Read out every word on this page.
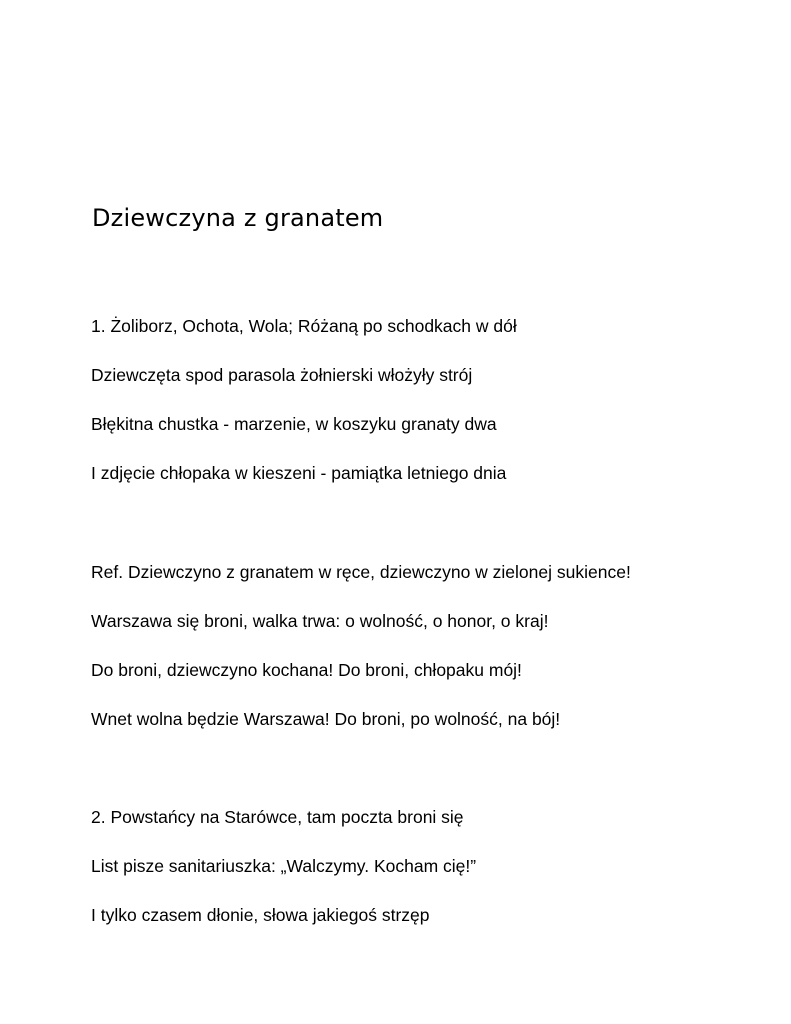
Dziewczyna z granatem
1. Żoliborz, Ochota, Wola; Różaną po schodkach w dół
Dziewczęta spod parasola żołnierski włożyły strój
Błękitna chustka - marzenie, w koszyku granaty dwa
I zdjęcie chłopaka w kieszeni - pamiątka letniego dnia
Ref. Dziewczyno z granatem w ręce, dziewczyno w zielonej sukience!
Warszawa się broni, walka trwa: o wolność, o honor, o kraj!
Do broni, dziewczyno kochana! Do broni, chłopaku mój!
Wnet wolna będzie Warszawa! Do broni, po wolność, na bój!
2. Powstańcy na Starówce, tam poczta broni się
List pisze sanitariuszka: „Walczymy. Kocham cię!”
I tylko czasem dłonie, słowa jakiegoś strzęp
